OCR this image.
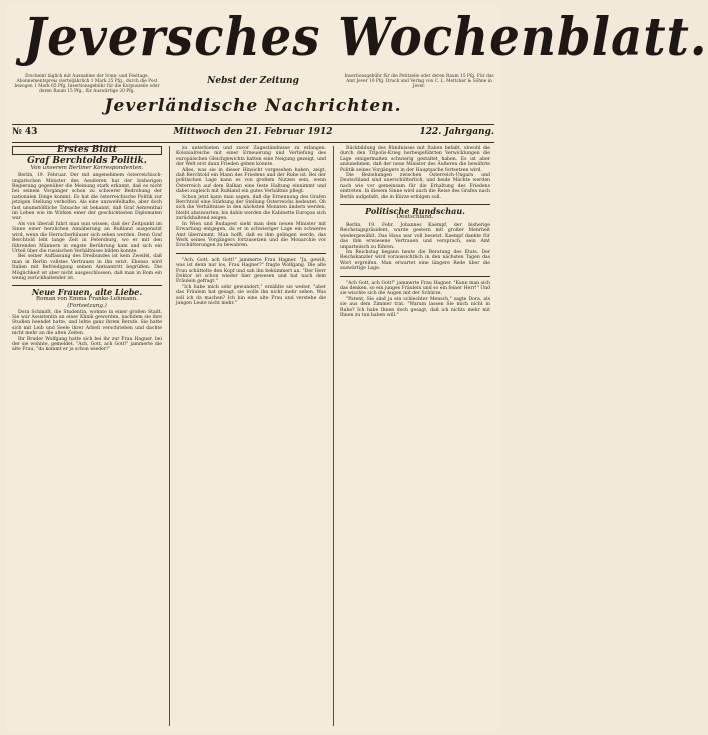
Jeversches Wochenblatt.
Erscheint täglich mit Ausnahme der Sonn- und Festtage. Abonnementspreis vierteljährlich 1 Mark 25 Pfg., durch die Post bezogen 1 Mark 65 Pfg. Insertionsgebühr für die Korpuszeile oder deren Raum 15 Pfg., für Auswärtige 20 Pfg.
Nebst der Zeitung	Insertionsgebühr für die Petitzeile oder deren Raum 15 Pfg. Für das Amt Jever 10 Pfg. Druck und Verlag von C. L. Mettcker & Söhne in Jever.
Jeverländische Nachrichten.
№ 43	Mittwoch den 21. Februar 1912	122. Jahrgang.
Erstes Blatt
Graf Berchtolds Politik.
Von unserem Berliner Korrespondenten.

Berlin, 19. Februar. Der mit angenehmem österreichisch-ungarischen Minister des Aeußeren hat der bisherigen Regierung gegenüber die Meinung stark erkannt, daß es nicht bei seinem Vorgänger schon zu schwerer Bedrohung der nationalen Dinge kommt. Es hat die österreichische Politik zur jetzigen Stellung verholfen. Als eine unzweifelhafte, aber doch fast unumstößliche Tatsache ist bekannt, daß Graf Aehrenthal im Leben wie im Wirken einer der geschicktesten Diplomaten war.

Als von überall fuhrt man nun wissen, daß der Zeitpunkt im Sinne einer herzlichen Annäherung an Rußland ausgenutzt wird, wenn die Herrscherhäuser sich sehen werden. Denn Graf Berchtold lebt lange Zeit in Petersburg, wo er mit den führenden Männern in engste Berührung kam und sich ein Urteil über die russischen Verhältnisse bilden konnte.

Bei seiner Auffassung des Dreibundes ist kein Zweifel, daß man in Berlin vollstes Vertrauen in ihn setzt. Ebenso wird Italien mit Befriedigung seinen Amtsantritt begrüßen. Die Möglichkeit ist aber nicht ausgeschlossen, daß man in Rom ein wenig zurückhaltender ist.

Neue Frauen, alte Liebe.
Roman von Emma Franke-Lehmann.
(Fortsetzung.)

Dora Schmidt, die Studentin, wohnte in einer großen Stadt. Sie war Assistentin an einer Klinik geworden, nachdem sie ihre Studien beendet hatte, und lebte ganz ihrem Berufe. Sie hatte sich mit Leib und Seele ihrer Arbeit verschrieben und dachte nicht mehr an die alten Zeiten.

Ihr Bruder Wolfgang hatte sich bei ihr zur Frau Hagner, bei der sie wohnte, gemeldet. "Ach, Gott, ach Gott!" jammerte die alte Frau, "da kommt er ja schon wieder!"

zu unterbieten und zuvor Zugeständnisse zu erlangen. Kolonialreiche mit einer Erneuerung und Vertiefung des europäischen Gleichgewichts hatten eine Neigung gezeigt, und der Welt erst dann Frieden geben könnte.

Alles, was sie in dieser Hinsicht vorgesehen haben, zeigt, daß Berchtold ein Mann des Friedens und der Ruhe ist. Bei der politischen Lage kann es von großem Nutzen sein, wenn Österreich auf dem Balkan eine feste Haltung einnimmt und dabei zugleich mit Rußland ein gutes Verhältnis pflegt.

Schon jetzt kann man sagen, daß die Ernennung des Grafen Berchtold eine Stärkung der Stellung Österreichs bedeutet. Ob sich die Verhältnisse in den nächsten Monaten ändern werden, bleibt abzuwarten; bis dahin werden die Kabinette Europas sich zurückhaltend zeigen.

In Wien und Budapest sieht man dem neuen Minister mit Erwartung entgegen, da er in schwieriger Lage ein schweres Amt übernimmt. Man hofft, daß es ihm gelingen werde, das Werk seines Vorgängers fortzusetzen und die Monarchie vor Erschütterungen zu bewahren.

"Ach, Gott, ach Gott!" jammerte Frau Hagner. "Ja, gewiß, was ist denn nur los, Frau Hagner?" fragte Wolfgang. Die alte Frau schüttelte den Kopf und sah ihn bekümmert an. "Der Herr Doktor ist schon wieder hier gewesen und hat nach dem Fräulein gefragt."

"Ich habe mich sehr gewundert," erzählte sie weiter, "aber das Fräulein hat gesagt, sie wolle ihn nicht mehr sehen. Was soll ich da machen? Ich bin eine alte Frau und verstehe die jungen Leute nicht mehr."

Rückbildung des Bündnisses mit Italien befaßt, obwohl die durch den Tripolis-Krieg herbeigeführten Verwicklungen die Lage einigermaßen schwierig gestaltet haben. Es ist aber anzunehmen, daß der neue Minister des Äußeren die bewährte Politik seines Vorgängers in der Hauptsache fortsetzen wird.

Die Beziehungen zwischen Österreich-Ungarn und Deutschland sind unerschütterlich, und beide Mächte werden nach wie vor gemeinsam für die Erhaltung des Friedens eintreten. In diesem Sinne wird auch die Reise des Grafen nach Berlin aufgefaßt, die in Kürze erfolgen soll.

Politische Rundschau.
Deutschland.

Berlin, 19. Febr. Johannes Kaempf, der bisherige Reichstagspräsident, wurde gestern mit großer Mehrheit wiedergewählt. Das Haus war voll besetzt. Kaempf dankte für das ihm erwiesene Vertrauen und versprach, sein Amt unparteiisch zu führen.

Im Reichstag begann heute die Beratung des Etats. Der Reichskanzler wird voraussichtlich in den nächsten Tagen das Wort ergreifen. Man erwartet eine längere Rede über die auswärtige Lage.

"Ach Gott, ach Gott!" jammerte Frau Hagner. "Kann man sich das denken, so ein junges Fräulein und so ein feiner Herr!" Und sie wischte sich die Augen mit der Schürze.

"Patent, Sie sind ja ein schlechter Mensch," sagte Dora, als sie aus dem Zimmer trat. "Warum lassen Sie mich nicht in Ruhe? Ich habe Ihnen doch gesagt, daß ich nichts mehr mit Ihnen zu tun haben will."
